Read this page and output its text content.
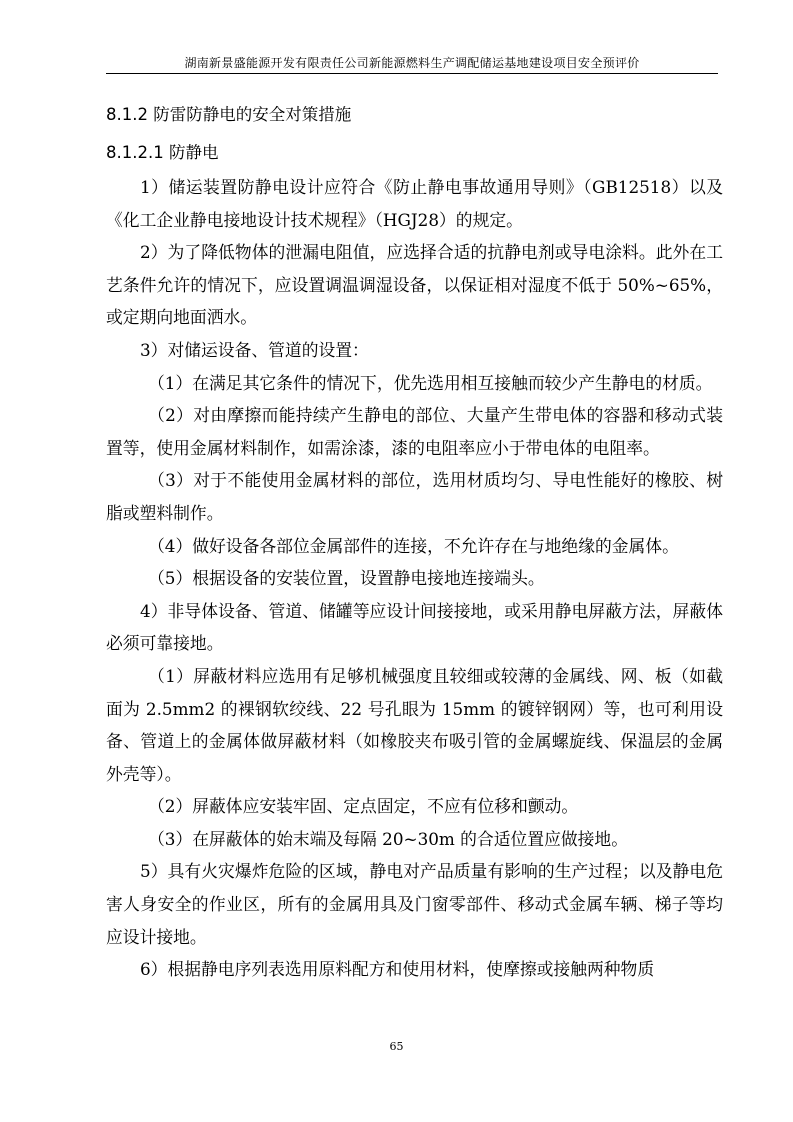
湖南新景盛能源开发有限责任公司新能源燃料生产调配储运基地建设项目安全预评价
8.1.2 防雷防静电的安全对策措施
8.1.2.1 防静电
1）储运装置防静电设计应符合《防止静电事故通用导则》（GB12518）以及《化工企业静电接地设计技术规程》（HGJ28）的规定。
2）为了降低物体的泄漏电阻值，应选择合适的抗静电剂或导电涂料。此外在工艺条件允许的情况下，应设置调温调湿设备，以保证相对湿度不低于 50%~65%，或定期向地面洒水。
3）对储运设备、管道的设置：
（1）在满足其它条件的情况下，优先选用相互接触而较少产生静电的材质。
（2）对由摩擦而能持续产生静电的部位、大量产生带电体的容器和移动式装置等，使用金属材料制作，如需涂漆，漆的电阻率应小于带电体的电阻率。
（3）对于不能使用金属材料的部位，选用材质均匀、导电性能好的橡胶、树脂或塑料制作。
（4）做好设备各部位金属部件的连接，不允许存在与地绝缘的金属体。
（5）根据设备的安装位置，设置静电接地连接端头。
4）非导体设备、管道、储罐等应设计间接接地，或采用静电屏蔽方法，屏蔽体必须可靠接地。
（1）屏蔽材料应选用有足够机械强度且较细或较薄的金属线、网、板（如截面为 2.5mm2 的裸钢软绞线、22 号孔眼为 15mm 的镀锌钢网）等，也可利用设备、管道上的金属体做屏蔽材料（如橡胶夹布吸引管的金属螺旋线、保温层的金属外壳等）。
（2）屏蔽体应安装牢固、定点固定，不应有位移和颤动。
（3）在屏蔽体的始末端及每隔 20~30m 的合适位置应做接地。
5）具有火灾爆炸危险的区域，静电对产品质量有影响的生产过程；以及静电危害人身安全的作业区，所有的金属用具及门窗零部件、移动式金属车辆、梯子等均应设计接地。
6）根据静电序列表选用原料配方和使用材料，使摩擦或接触两种物质
65
